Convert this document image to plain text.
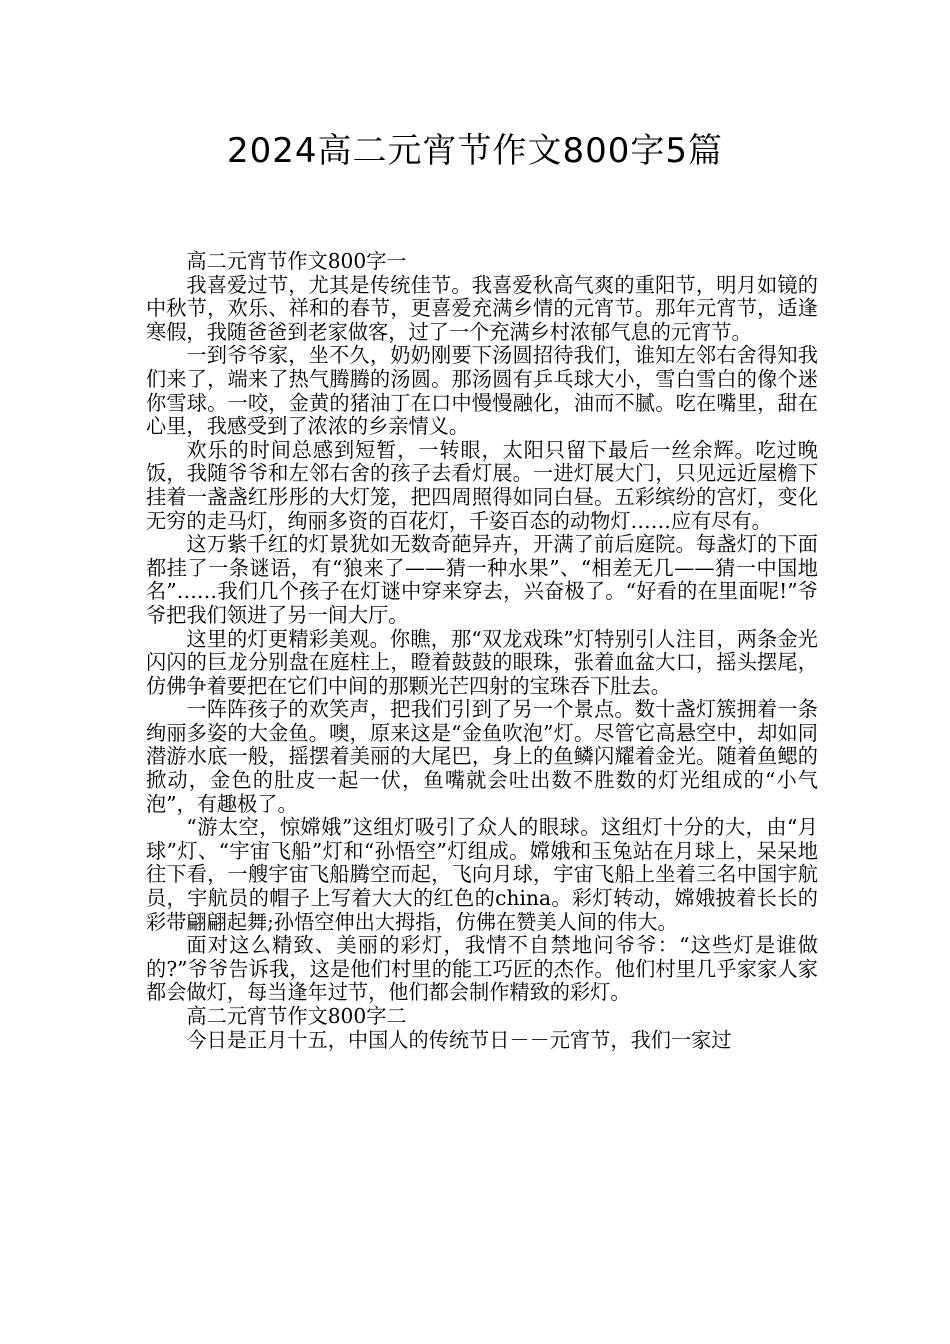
2024高二元宵节作文800字5篇

高二元宵节作文800字一

我喜爱过节，尤其是传统佳节。我喜爱秋高气爽的重阳节，明月如镜的中秋节，欢乐、祥和的春节，更喜爱充满乡情的元宵节。那年元宵节，适逢寒假，我随爸爸到老家做客，过了一个充满乡村浓郁气息的元宵节。

一到爷爷家，坐不久，奶奶刚要下汤圆招待我们，谁知左邻右舍得知我们来了，端来了热气腾腾的汤圆。那汤圆有乒乓球大小，雪白雪白的像个迷你雪球。一咬，金黄的猪油丁在口中慢慢融化，油而不腻。吃在嘴里，甜在心里，我感受到了浓浓的乡亲情义。

欢乐的时间总感到短暂，一转眼，太阳只留下最后一丝余辉。吃过晚饭，我随爷爷和左邻右舍的孩子去看灯展。一进灯展大门，只见远近屋檐下挂着一盏盏红彤彤的大灯笼，把四周照得如同白昼。五彩缤纷的宫灯，变化无穷的走马灯，绚丽多资的百花灯，千姿百态的动物灯……应有尽有。

这万紫千红的灯景犹如无数奇葩异卉，开满了前后庭院。每盏灯的下面都挂了一条谜语，有“狼来了——猜一种水果”、“相差无几——猜一中国地名”……我们几个孩子在灯谜中穿来穿去，兴奋极了。“好看的在里面呢!”爷爷把我们领进了另一间大厅。

这里的灯更精彩美观。你瞧，那“双龙戏珠”灯特别引人注目，两条金光闪闪的巨龙分别盘在庭柱上，瞪着鼓鼓的眼珠，张着血盆大口，摇头摆尾，仿佛争着要把在它们中间的那颗光芒四射的宝珠吞下肚去。

一阵阵孩子的欢笑声，把我们引到了另一个景点。数十盏灯簇拥着一条绚丽多姿的大金鱼。噢，原来这是“金鱼吹泡”灯。尽管它高悬空中，却如同潜游水底一般，摇摆着美丽的大尾巴，身上的鱼鳞闪耀着金光。随着鱼鳃的掀动，金色的肚皮一起一伏，鱼嘴就会吐出数不胜数的灯光组成的“小气泡”，有趣极了。

“游太空，惊嫦娥”这组灯吸引了众人的眼球。这组灯十分的大，由“月球”灯、“宇宙飞船”灯和“孙悟空”灯组成。嫦娥和玉兔站在月球上，呆呆地往下看，一艘宇宙飞船腾空而起，飞向月球，宇宙飞船上坐着三名中国宇航员，宇航员的帽子上写着大大的红色的china。彩灯转动，嫦娥披着长长的彩带翩翩起舞;孙悟空伸出大拇指，仿佛在赞美人间的伟大。

面对这么精致、美丽的彩灯，我情不自禁地问爷爷：“这些灯是谁做的?”爷爷告诉我，这是他们村里的能工巧匠的杰作。他们村里几乎家家人家都会做灯，每当逢年过节，他们都会制作精致的彩灯。

高二元宵节作文800字二

今日是正月十五，中国人的传统节日－－元宵节，我们一家过
